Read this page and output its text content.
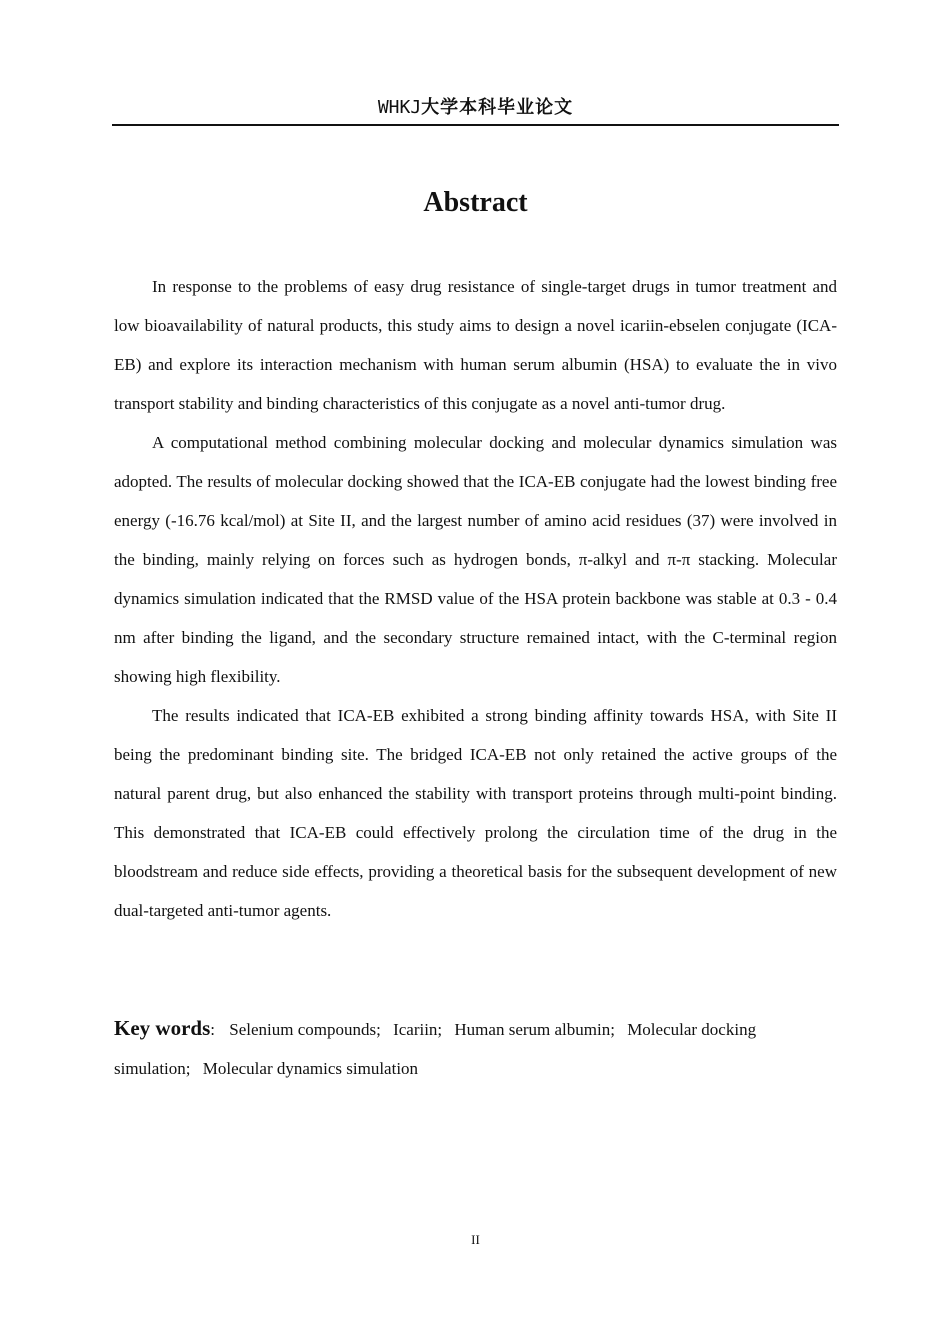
WHKJ大学本科毕业论文
Abstract

In response to the problems of easy drug resistance of single-target drugs in tumor treatment and low bioavailability of natural products, this study aims to design a novel icariin-ebselen conjugate (ICA-EB) and explore its interaction mechanism with human serum albumin (HSA) to evaluate the in vivo transport stability and binding characteristics of this conjugate as a novel anti-tumor drug.

A computational method combining molecular docking and molecular dynamics simulation was adopted. The results of molecular docking showed that the ICA-EB conjugate had the lowest binding free energy (-16.76 kcal/mol) at Site II, and the largest number of amino acid residues (37) were involved in the binding, mainly relying on forces such as hydrogen bonds, π-alkyl and π-π stacking. Molecular dynamics simulation indicated that the RMSD value of the HSA protein backbone was stable at 0.3 - 0.4 nm after binding the ligand, and the secondary structure remained intact, with the C-terminal region showing high flexibility.

The results indicated that ICA-EB exhibited a strong binding affinity towards HSA, with Site II being the predominant binding site. The bridged ICA-EB not only retained the active groups of the natural parent drug, but also enhanced the stability with transport proteins through multi-point binding. This demonstrated that ICA-EB could effectively prolong the circulation time of the drug in the bloodstream and reduce side effects, providing a theoretical basis for the subsequent development of new dual-targeted anti-tumor agents.

Key words: Selenium compounds; Icariin; Human serum albumin; Molecular docking simulation; Molecular dynamics simulation
II
